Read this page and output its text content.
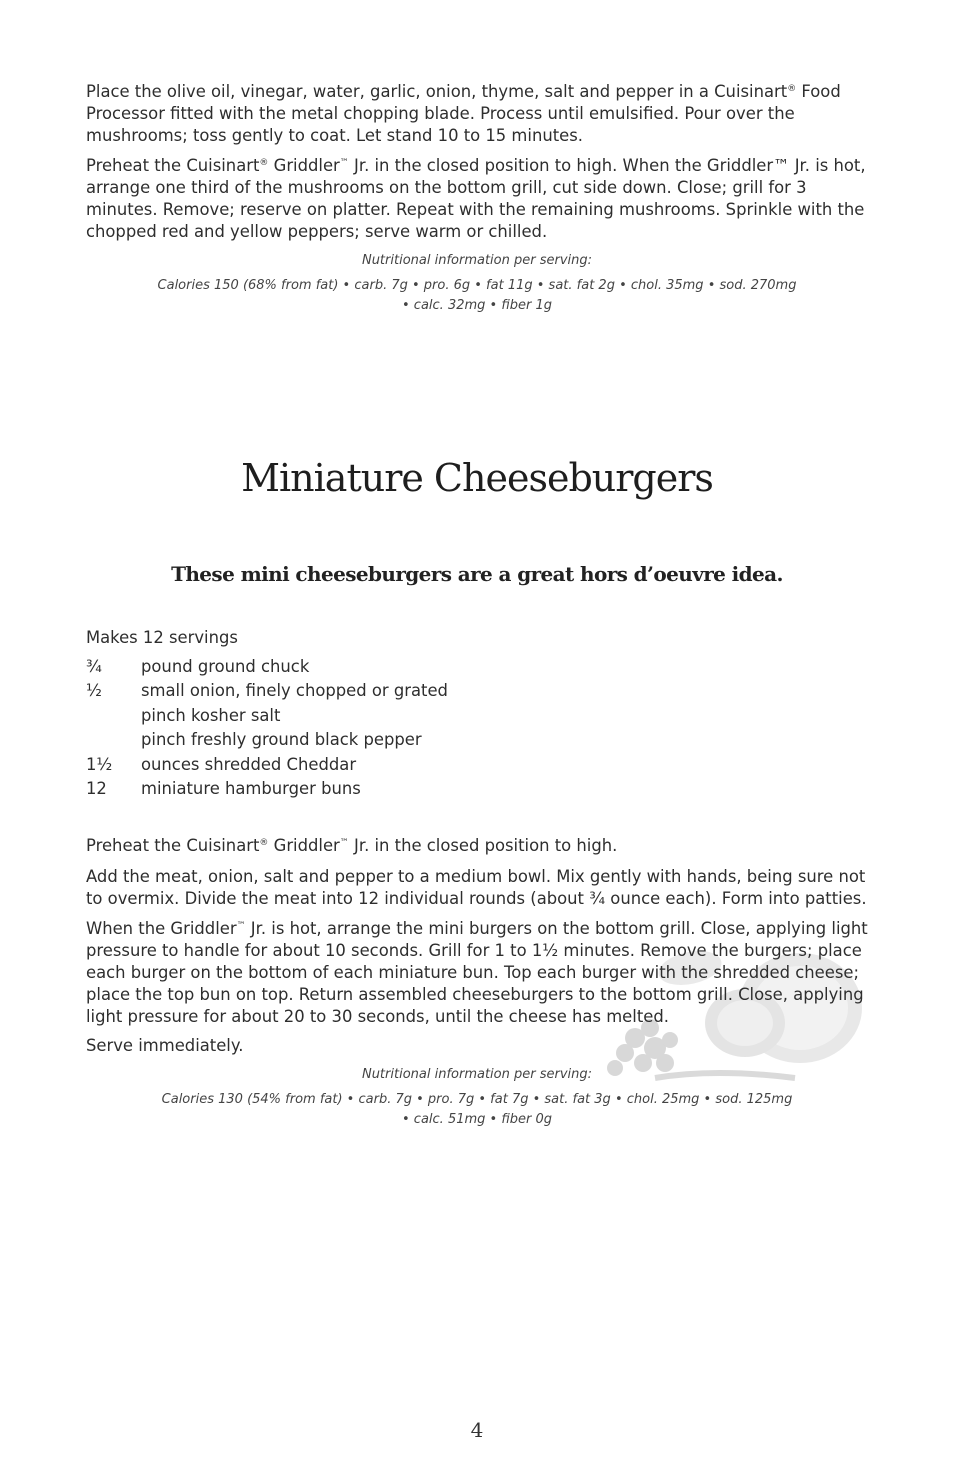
Place the olive oil, vinegar, water, garlic, onion, thyme, salt and pepper in a Cuisinart® Food Processor fitted with the metal chopping blade. Process until emulsified. Pour over the mushrooms; toss gently to coat. Let stand 10 to 15 minutes.

Preheat the Cuisinart® Griddler™ Jr. in the closed position to high. When the Griddler™ Jr. is hot, arrange one third of the mushrooms on the bottom grill, cut side down. Close; grill for 3 minutes. Remove; reserve on platter. Repeat with the remaining mushrooms. Sprinkle with the chopped red and yellow peppers; serve warm or chilled.

Nutritional information per serving:

Calories 150 (68% from fat) • carb. 7g • pro. 6g • fat 11g • sat. fat 2g • chol. 35mg • sod. 270mg
• calc. 32mg • fiber 1g

Miniature Cheeseburgers
These mini cheeseburgers are a great hors d’oeuvre idea.

Makes 12 servings

¾	pound ground chuck
½	small onion, finely chopped or grated
pinch kosher salt
pinch freshly ground black pepper
1½	ounces shredded Cheddar
12	miniature hamburger buns

Preheat the Cuisinart® Griddler™ Jr. in the closed position to high.

Add the meat, onion, salt and pepper to a medium bowl. Mix gently with hands, being sure not to overmix. Divide the meat into 12 individual rounds (about ¾ ounce each). Form into patties.

When the Griddler™ Jr. is hot, arrange the mini burgers on the bottom grill. Close, applying light pressure to handle for about 10 seconds. Grill for 1 to 1½ minutes. Remove the burgers; place each burger on the bottom of each miniature bun. Top each burger with the shredded cheese; place the top bun on top. Return assembled cheeseburgers to the bottom grill. Close, applying light pressure for about 20 to 30 seconds, until the cheese has melted.

Serve immediately.

Nutritional information per serving:

Calories 130 (54% from fat) • carb. 7g • pro. 7g • fat 7g • sat. fat 3g • chol. 25mg • sod. 125mg
• calc. 51mg • fiber 0g

4
